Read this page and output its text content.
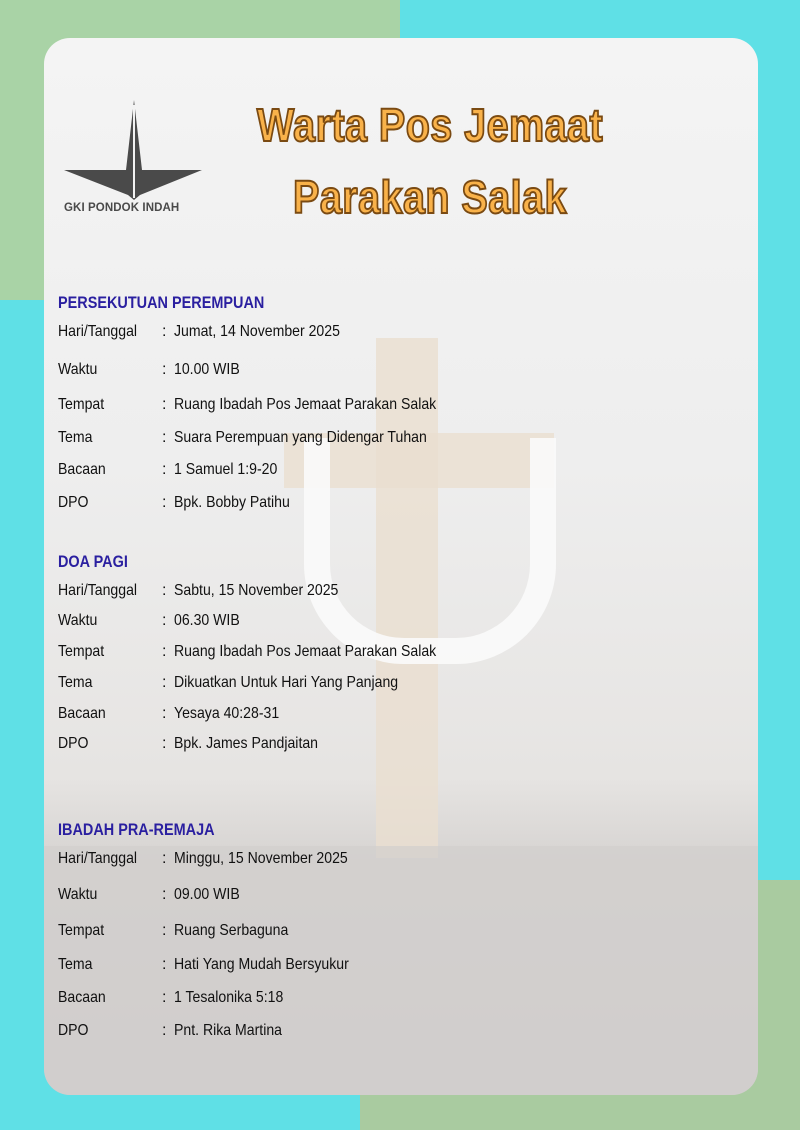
GKI PONDOK INDAH
Warta Pos Jemaat
Parakan Salak
PERSEKUTUAN PEREMPUAN
Hari/Tanggal : Jumat, 14 November 2025
Waktu	: 10.00 WIB
Tempat	: Ruang Ibadah Pos Jemaat Parakan Salak
Tema	: Suara Perempuan yang Didengar Tuhan
Bacaan	: 1 Samuel 1:9-20
DPO	: Bpk. Bobby Patihu
DOA PAGI
Hari/Tanggal : Sabtu, 15 November 2025
Waktu	: 06.30 WIB
Tempat	: Ruang Ibadah Pos Jemaat Parakan Salak
Tema	: Dikuatkan Untuk Hari Yang Panjang
Bacaan	: Yesaya 40:28-31
DPO	: Bpk. James Pandjaitan
IBADAH PRA-REMAJA
Hari/Tanggal : Minggu, 15 November 2025
Waktu	: 09.00 WIB
Tempat	: Ruang Serbaguna
Tema	: Hati Yang Mudah Bersyukur
Bacaan	: 1 Tesalonika 5:18
DPO	: Pnt. Rika Martina
